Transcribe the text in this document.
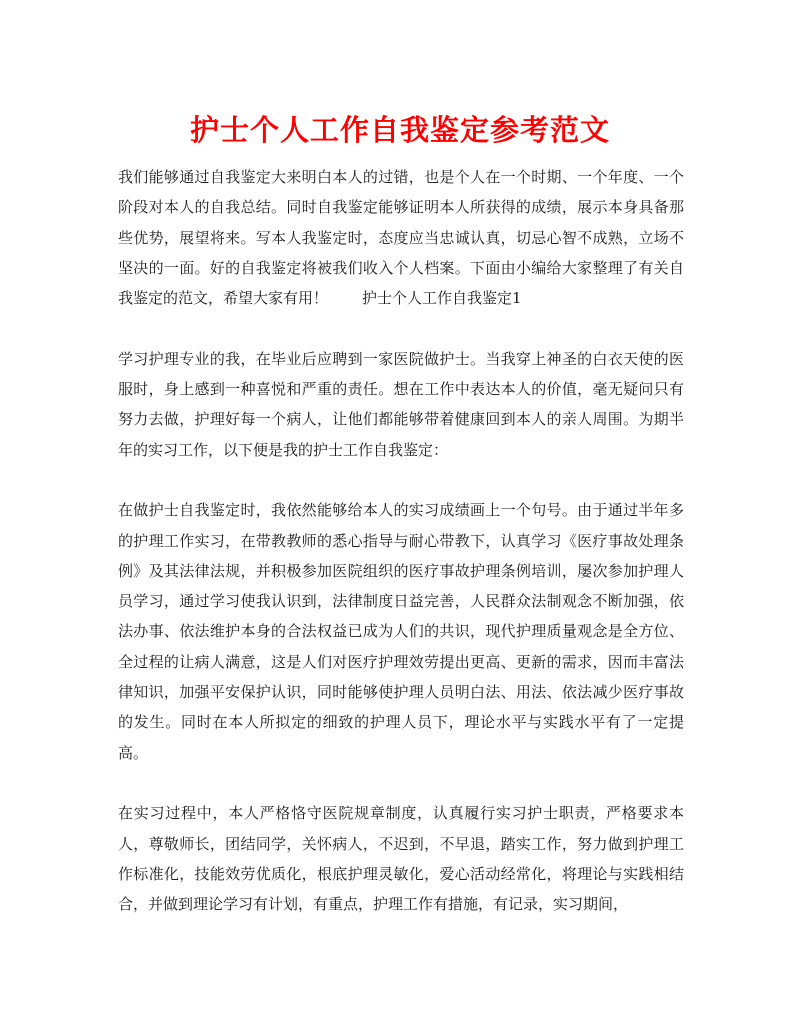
护士个人工作自我鉴定参考范文

我们能够通过自我鉴定大来明白本人的过错，也是个人在一个时期、一个年度、一个阶段对本人的自我总结。同时自我鉴定能够证明本人所获得的成绩，展示本身具备那些优势，展望将来。写本人我鉴定时，态度应当忠诚认真，切忌心智不成熟，立场不坚决的一面。好的自我鉴定将被我们收入个人档案。下面由小编给大家整理了有关自我鉴定的范文，希望大家有用！ 护士个人工作自我鉴定1

学习护理专业的我，在毕业后应聘到一家医院做护士。当我穿上神圣的白衣天使的医服时，身上感到一种喜悦和严重的责任。想在工作中表达本人的价值，毫无疑问只有努力去做，护理好每一个病人，让他们都能够带着健康回到本人的亲人周围。为期半年的实习工作，以下便是我的护士工作自我鉴定：

在做护士自我鉴定时，我依然能够给本人的实习成绩画上一个句号。由于通过半年多的护理工作实习，在带教教师的悉心指导与耐心带教下，认真学习《医疗事故处理条例》及其法律法规，并积极参加医院组织的医疗事故护理条例培训，屡次参加护理人员学习，通过学习使我认识到，法律制度日益完善，人民群众法制观念不断加强，依法办事、依法维护本身的合法权益已成为人们的共识，现代护理质量观念是全方位、全过程的让病人满意，这是人们对医疗护理效劳提出更高、更新的需求，因而丰富法律知识，加强平安保护认识，同时能够使护理人员明白法、用法、依法减少医疗事故的发生。同时在本人所拟定的细致的护理人员下，理论水平与实践水平有了一定提高。

在实习过程中，本人严格恪守医院规章制度，认真履行实习护士职责，严格要求本人，尊敬师长，团结同学，关怀病人，不迟到，不早退，踏实工作，努力做到护理工作标准化，技能效劳优质化，根底护理灵敏化，爱心活动经常化，将理论与实践相结合，并做到理论学习有计划，有重点，护理工作有措施，有记录，实习期间，
